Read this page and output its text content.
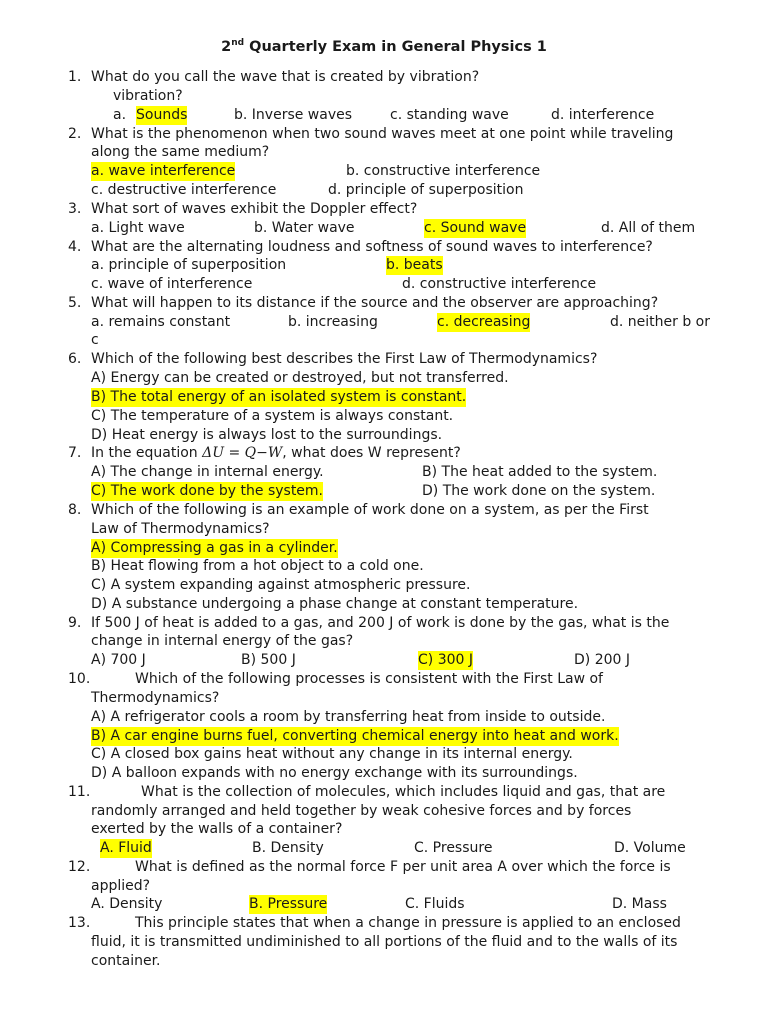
2nd Quarterly Exam in General Physics 1
1. What do you call the wave that is created by vibration?
vibration?
a. Sounds	b. Inverse waves	c. standing wave	d. interference
2. What is the phenomenon when two sound waves meet at one point while traveling
along the same medium?
a. wave interference	b. constructive interference
c. destructive interference	d. principle of superposition
3. What sort of waves exhibit the Doppler effect?
a. Light wave	b. Water wave	c. Sound wave	d. All of them
4. What are the alternating loudness and softness of sound waves to interference?
a. principle of superposition	b. beats
c. wave of interference	d. constructive interference
5. What will happen to its distance if the source and the observer are approaching?
a. remains constant	b. increasing	c. decreasing	d. neither b or
c
6. Which of the following best describes the First Law of Thermodynamics?
A) Energy can be created or destroyed, but not transferred.
B) The total energy of an isolated system is constant.
C) The temperature of a system is always constant.
D) Heat energy is always lost to the surroundings.
7. In the equation ΔU = Q−W, what does W represent?
A) The change in internal energy.	B) The heat added to the system.
C) The work done by the system.	D) The work done on the system.
8. Which of the following is an example of work done on a system, as per the First
Law of Thermodynamics?
A) Compressing a gas in a cylinder.
B) Heat flowing from a hot object to a cold one.
C) A system expanding against atmospheric pressure.
D) A substance undergoing a phase change at constant temperature.
9. If 500 J of heat is added to a gas, and 200 J of work is done by the gas, what is the
change in internal energy of the gas?
A) 700 J	B) 500 J	C) 300 J	D) 200 J
10.	Which of the following processes is consistent with the First Law of
Thermodynamics?
A) A refrigerator cools a room by transferring heat from inside to outside.
B) A car engine burns fuel, converting chemical energy into heat and work.
C) A closed box gains heat without any change in its internal energy.
D) A balloon expands with no energy exchange with its surroundings.
11.	What is the collection of molecules, which includes liquid and gas, that are
randomly arranged and held together by weak cohesive forces and by forces
exerted by the walls of a container?
A. Fluid	B. Density	C. Pressure	D. Volume
12.	What is defined as the normal force F per unit area A over which the force is
applied?
A. Density	B. Pressure	C. Fluids	D. Mass
13.	This principle states that when a change in pressure is applied to an enclosed
fluid, it is transmitted undiminished to all portions of the fluid and to the walls of its
container.
